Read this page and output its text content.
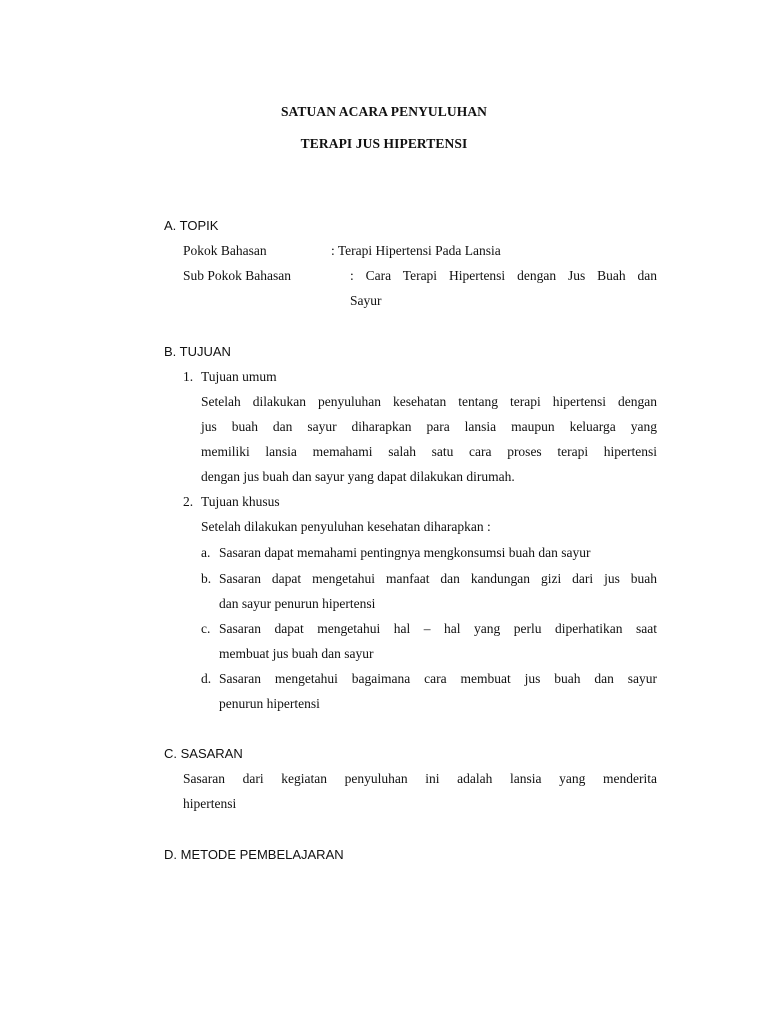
SATUAN ACARA PENYULUHAN
TERAPI JUS HIPERTENSI
A. TOPIK
Pokok Bahasan	: Terapi Hipertensi Pada Lansia
Sub Pokok Bahasan	: Cara Terapi Hipertensi dengan Jus Buah dan
Sayur
B. TUJUAN
1. Tujuan umum
Setelah dilakukan penyuluhan kesehatan tentang terapi hipertensi dengan
jus buah dan sayur diharapkan para lansia maupun keluarga yang
memiliki lansia memahami salah satu cara proses terapi hipertensi
dengan jus buah dan sayur yang dapat dilakukan dirumah.
2. Tujuan khusus
Setelah dilakukan penyuluhan kesehatan diharapkan :
a. Sasaran dapat memahami pentingnya mengkonsumsi buah dan sayur
b. Sasaran dapat mengetahui manfaat dan kandungan gizi dari jus buah
dan sayur penurun hipertensi
c. Sasaran dapat mengetahui hal – hal yang perlu diperhatikan saat
membuat jus buah dan sayur
d. Sasaran mengetahui bagaimana cara membuat jus buah dan sayur
penurun hipertensi
C. SASARAN
Sasaran dari kegiatan penyuluhan ini adalah lansia yang menderita
hipertensi
D. METODE PEMBELAJARAN
